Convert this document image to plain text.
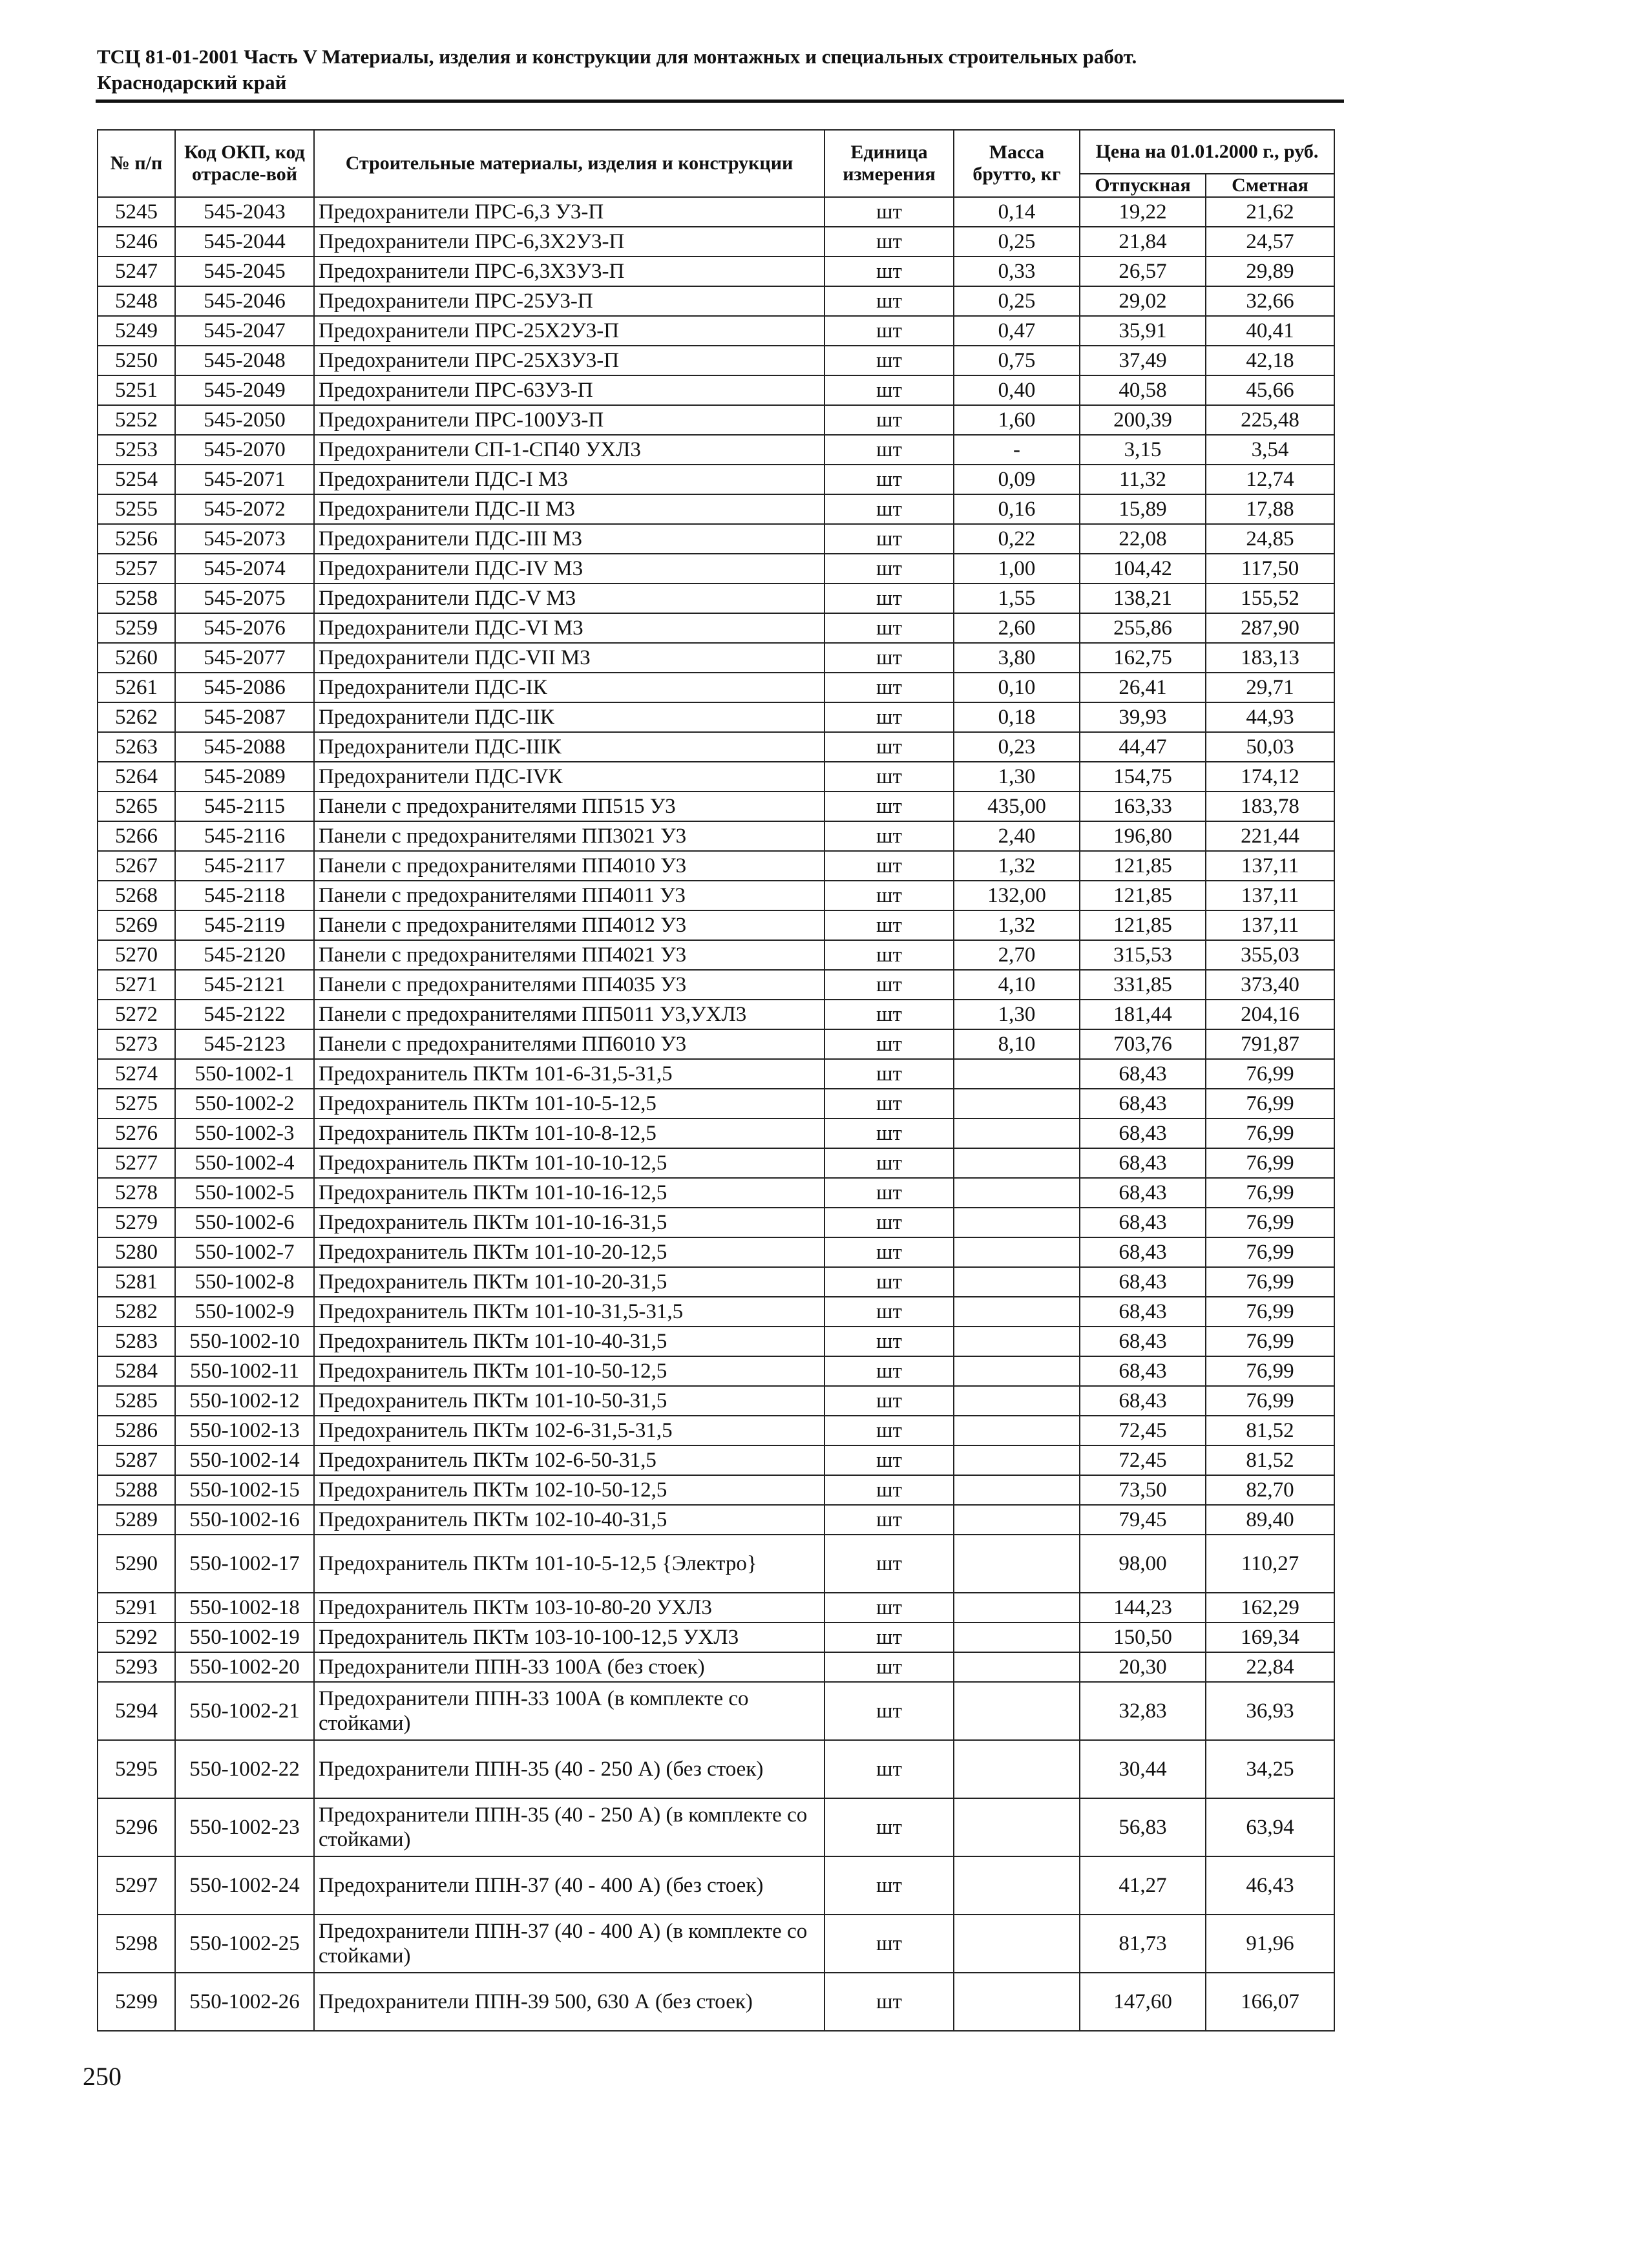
ТСЦ 81-01-2001 Часть V Материалы, изделия и конструкции для монтажных и специальных строительных работ.
Краснодарский край
№ п/п	Код ОКП, код отрасле-вой	Строительные материалы, изделия и конструкции	Единица измерения	Масса брутто, кг	Цена на 01.01.2000 г., руб.	
					Отпускная	Сметная
5245	545-2043	Предохранители ПРС-6,3 У3-П	шт	0,14	19,22	21,62
5246	545-2044	Предохранители ПРС-6,3Х2У3-П	шт	0,25	21,84	24,57
5247	545-2045	Предохранители ПРС-6,3Х3У3-П	шт	0,33	26,57	29,89
5248	545-2046	Предохранители ПРС-25У3-П	шт	0,25	29,02	32,66
5249	545-2047	Предохранители ПРС-25Х2У3-П	шт	0,47	35,91	40,41
5250	545-2048	Предохранители ПРС-25Х3У3-П	шт	0,75	37,49	42,18
5251	545-2049	Предохранители ПРС-63У3-П	шт	0,40	40,58	45,66
5252	545-2050	Предохранители ПРС-100У3-П	шт	1,60	200,39	225,48
5253	545-2070	Предохранители СП-1-СП40 УХЛ3	шт	-	3,15	3,54
5254	545-2071	Предохранители ПДС-I М3	шт	0,09	11,32	12,74
5255	545-2072	Предохранители ПДС-II М3	шт	0,16	15,89	17,88
5256	545-2073	Предохранители ПДС-III М3	шт	0,22	22,08	24,85
5257	545-2074	Предохранители ПДС-IV М3	шт	1,00	104,42	117,50
5258	545-2075	Предохранители ПДС-V М3	шт	1,55	138,21	155,52
5259	545-2076	Предохранители ПДС-VI М3	шт	2,60	255,86	287,90
5260	545-2077	Предохранители ПДС-VII М3	шт	3,80	162,75	183,13
5261	545-2086	Предохранители ПДС-IК	шт	0,10	26,41	29,71
5262	545-2087	Предохранители ПДС-IIК	шт	0,18	39,93	44,93
5263	545-2088	Предохранители ПДС-IIIК	шт	0,23	44,47	50,03
5264	545-2089	Предохранители ПДС-IVК	шт	1,30	154,75	174,12
5265	545-2115	Панели с предохранителями ПП515 У3	шт	435,00	163,33	183,78
5266	545-2116	Панели с предохранителями ПП3021 У3	шт	2,40	196,80	221,44
5267	545-2117	Панели с предохранителями ПП4010 У3	шт	1,32	121,85	137,11
5268	545-2118	Панели с предохранителями ПП4011 У3	шт	132,00	121,85	137,11
5269	545-2119	Панели с предохранителями ПП4012 У3	шт	1,32	121,85	137,11
5270	545-2120	Панели с предохранителями ПП4021 У3	шт	2,70	315,53	355,03
5271	545-2121	Панели с предохранителями ПП4035 У3	шт	4,10	331,85	373,40
5272	545-2122	Панели с предохранителями ПП5011 У3,УХЛ3	шт	1,30	181,44	204,16
5273	545-2123	Панели с предохранителями ПП6010 У3	шт	8,10	703,76	791,87
5274	550-1002-1	Предохранитель ПКТм 101-6-31,5-31,5	шт		68,43	76,99
5275	550-1002-2	Предохранитель ПКТм 101-10-5-12,5	шт		68,43	76,99
5276	550-1002-3	Предохранитель ПКТм 101-10-8-12,5	шт		68,43	76,99
5277	550-1002-4	Предохранитель ПКТм 101-10-10-12,5	шт		68,43	76,99
5278	550-1002-5	Предохранитель ПКТм 101-10-16-12,5	шт		68,43	76,99
5279	550-1002-6	Предохранитель ПКТм 101-10-16-31,5	шт		68,43	76,99
5280	550-1002-7	Предохранитель ПКТм 101-10-20-12,5	шт		68,43	76,99
5281	550-1002-8	Предохранитель ПКТм 101-10-20-31,5	шт		68,43	76,99
5282	550-1002-9	Предохранитель ПКТм 101-10-31,5-31,5	шт		68,43	76,99
5283	550-1002-10	Предохранитель ПКТм 101-10-40-31,5	шт		68,43	76,99
5284	550-1002-11	Предохранитель ПКТм 101-10-50-12,5	шт		68,43	76,99
5285	550-1002-12	Предохранитель ПКТм 101-10-50-31,5	шт		68,43	76,99
5286	550-1002-13	Предохранитель ПКТм 102-6-31,5-31,5	шт		72,45	81,52
5287	550-1002-14	Предохранитель ПКТм 102-6-50-31,5	шт		72,45	81,52
5288	550-1002-15	Предохранитель ПКТм 102-10-50-12,5	шт		73,50	82,70
5289	550-1002-16	Предохранитель ПКТм 102-10-40-31,5	шт		79,45	89,40
5290	550-1002-17	Предохранитель ПКТм 101-10-5-12,5 {Электро}	шт		98,00	110,27
5291	550-1002-18	Предохранитель ПКТм 103-10-80-20 УХЛ3	шт		144,23	162,29
5292	550-1002-19	Предохранитель ПКТм 103-10-100-12,5 УХЛ3	шт		150,50	169,34
5293	550-1002-20	Предохранители ППН-33 100А (без стоек)	шт		20,30	22,84
5294	550-1002-21	Предохранители ППН-33 100А (в комплекте со стойками)	шт		32,83	36,93
5295	550-1002-22	Предохранители ППН-35 (40 - 250 А) (без стоек)	шт		30,44	34,25
5296	550-1002-23	Предохранители ППН-35 (40 - 250 А) (в комплекте со стойками)	шт		56,83	63,94
5297	550-1002-24	Предохранители ППН-37 (40 - 400 А) (без стоек)	шт		41,27	46,43
5298	550-1002-25	Предохранители ППН-37 (40 - 400 А) (в комплекте со стойками)	шт		81,73	91,96
5299	550-1002-26	Предохранители ППН-39 500, 630 А (без стоек)	шт		147,60	166,07
250
